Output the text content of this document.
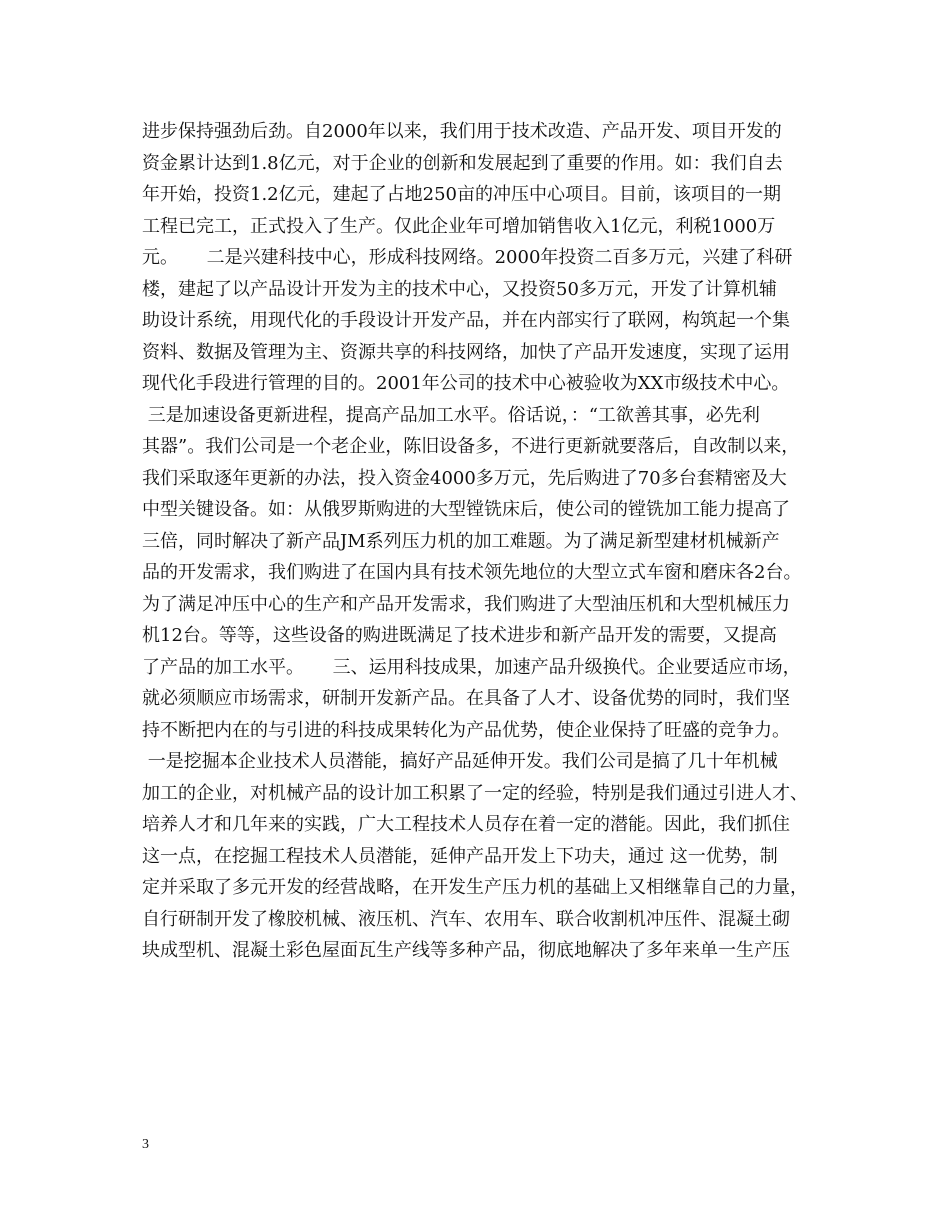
进步保持强劲后劲。自2000年以来，我们用于技术改造、产品开发、项目开发的
资金累计达到1.8亿元，对于企业的创新和发展起到了重要的作用。如：我们自去
年开始，投资1.2亿元，建起了占地250亩的冲压中心项目。目前，该项目的一期
工程已完工，正式投入了生产。仅此企业年可增加销售收入1亿元，利税1000万
元。     二是兴建科技中心，形成科技网络。2000年投资二百多万元，兴建了科研
楼，建起了以产品设计开发为主的技术中心，又投资50多万元，开发了计算机辅
助设计系统，用现代化的手段设计开发产品，并在内部实行了联网，构筑起一个集
资料、数据及管理为主、资源共享的科技网络，加快了产品开发速度，实现了运用
现代化手段进行管理的目的。2001年公司的技术中心被验收为XX市级技术中心。
三是加速设备更新进程，提高产品加工水平。俗话说，：“工欲善其事，必先利
其器”。我们公司是一个老企业，陈旧设备多，不进行更新就要落后，自改制以来，
我们采取逐年更新的办法，投入资金4000多万元，先后购进了70多台套精密及大
中型关键设备。如：从俄罗斯购进的大型镗铣床后，使公司的镗铣加工能力提高了
三倍，同时解决了新产品JM系列压力机的加工难题。为了满足新型建材机械新产
品的开发需求，我们购进了在国内具有技术领先地位的大型立式车窗和磨床各2台。
为了满足冲压中心的生产和产品开发需求，我们购进了大型油压机和大型机械压力
机12台。等等，这些设备的购进既满足了技术进步和新产品开发的需要，又提高
了产品的加工水平。     三、运用科技成果，加速产品升级换代。企业要适应市场，
就必须顺应市场需求，研制开发新产品。在具备了人才、设备优势的同时，我们坚
持不断把内在的与引进的科技成果转化为产品优势，使企业保持了旺盛的竞争力。
一是挖掘本企业技术人员潜能，搞好产品延伸开发。我们公司是搞了几十年机械
加工的企业，对机械产品的设计加工积累了一定的经验，特别是我们通过引进人才、
培养人才和几年来的实践，广大工程技术人员存在着一定的潜能。因此，我们抓住
这一点，在挖掘工程技术人员潜能，延伸产品开发上下功夫，通过 这一优势，制
定并采取了多元开发的经营战略，在开发生产压力机的基础上又相继靠自己的力量，
自行研制开发了橡胶机械、液压机、汽车、农用车、联合收割机冲压件、混凝土砌
块成型机、混凝土彩色屋面瓦生产线等多种产品，彻底地解决了多年来单一生产压
3
